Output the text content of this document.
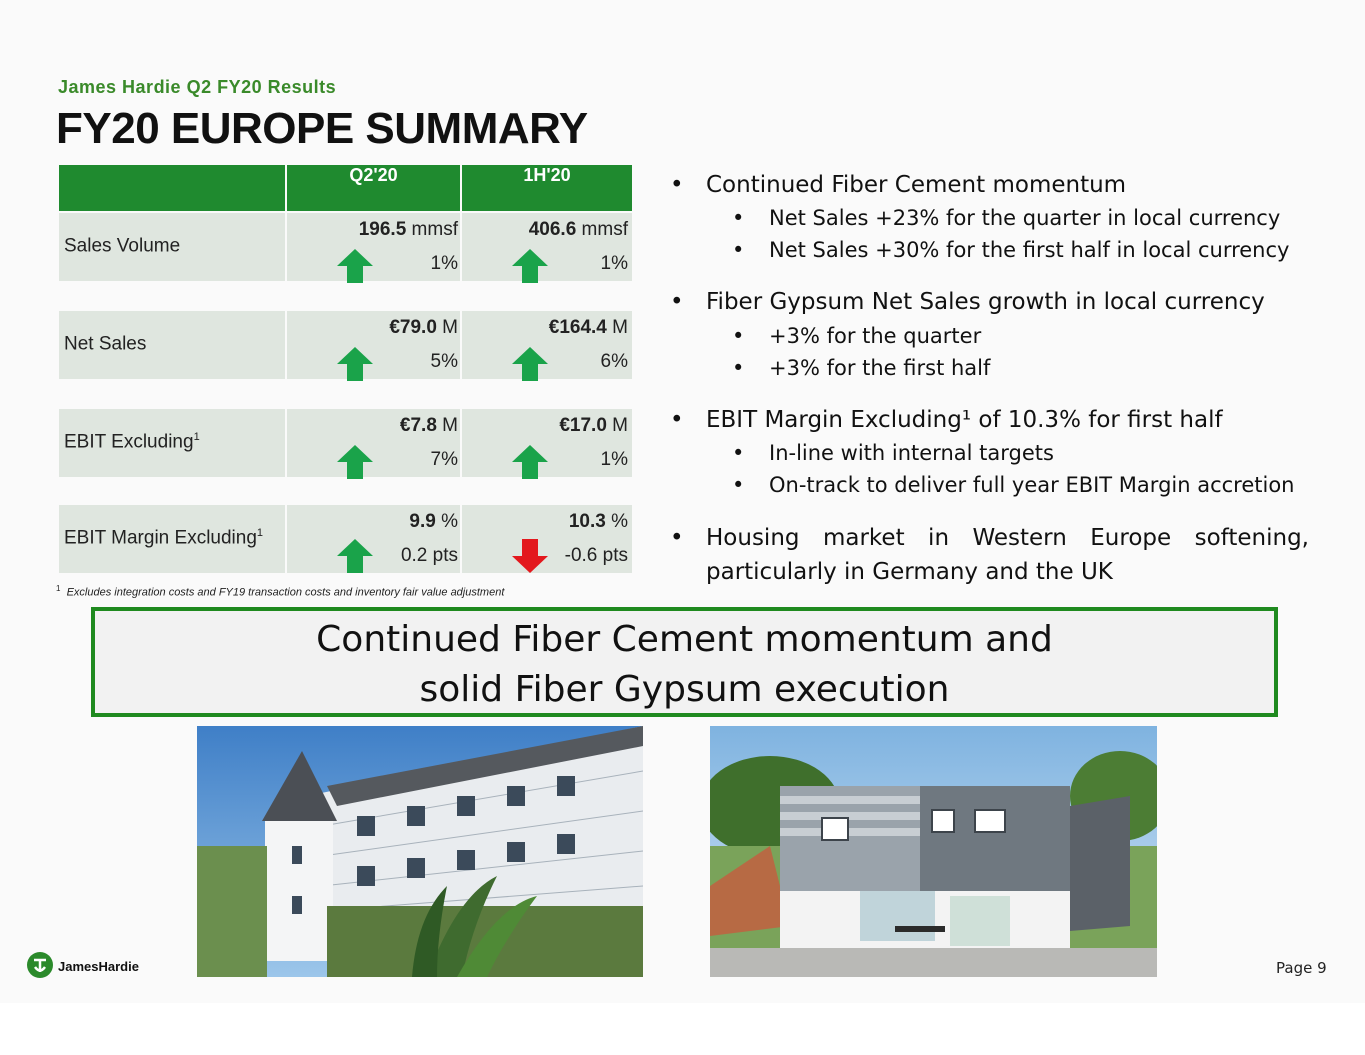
James Hardie Q2 FY20 Results
FY20 EUROPE SUMMARY
Q2'20	1H'20
Sales Volume
196.5 mmsf	406.6 mmsf
1%	1%
Net Sales
€79.0 M	€164.4 M
5%	6%
EBIT Excluding$^1$
€7.8 M	€17.0 M
7%	1%
EBIT Margin Excluding$^1$
9.9 %	10.3 %
0.2 pts	-0.6 pts
$^1$ Excludes integration costs and FY19 transaction costs and inventory fair value adjustment
• Continued Fiber Cement momentum
• Net Sales +23% for the quarter in local currency
• Net Sales +30% for the first half in local currency
• Fiber Gypsum Net Sales growth in local currency
• +3% for the quarter
• +3% for the first half
• EBIT Margin Excluding¹ of 10.3% for first half
• In-line with internal targets
• On-track to deliver full year EBIT Margin accretion
• Housing market in Western Europe softening,
particularly in Germany and the UK
Continued Fiber Cement momentum and
solid Fiber Gypsum execution
JamesHardie	Page 9
